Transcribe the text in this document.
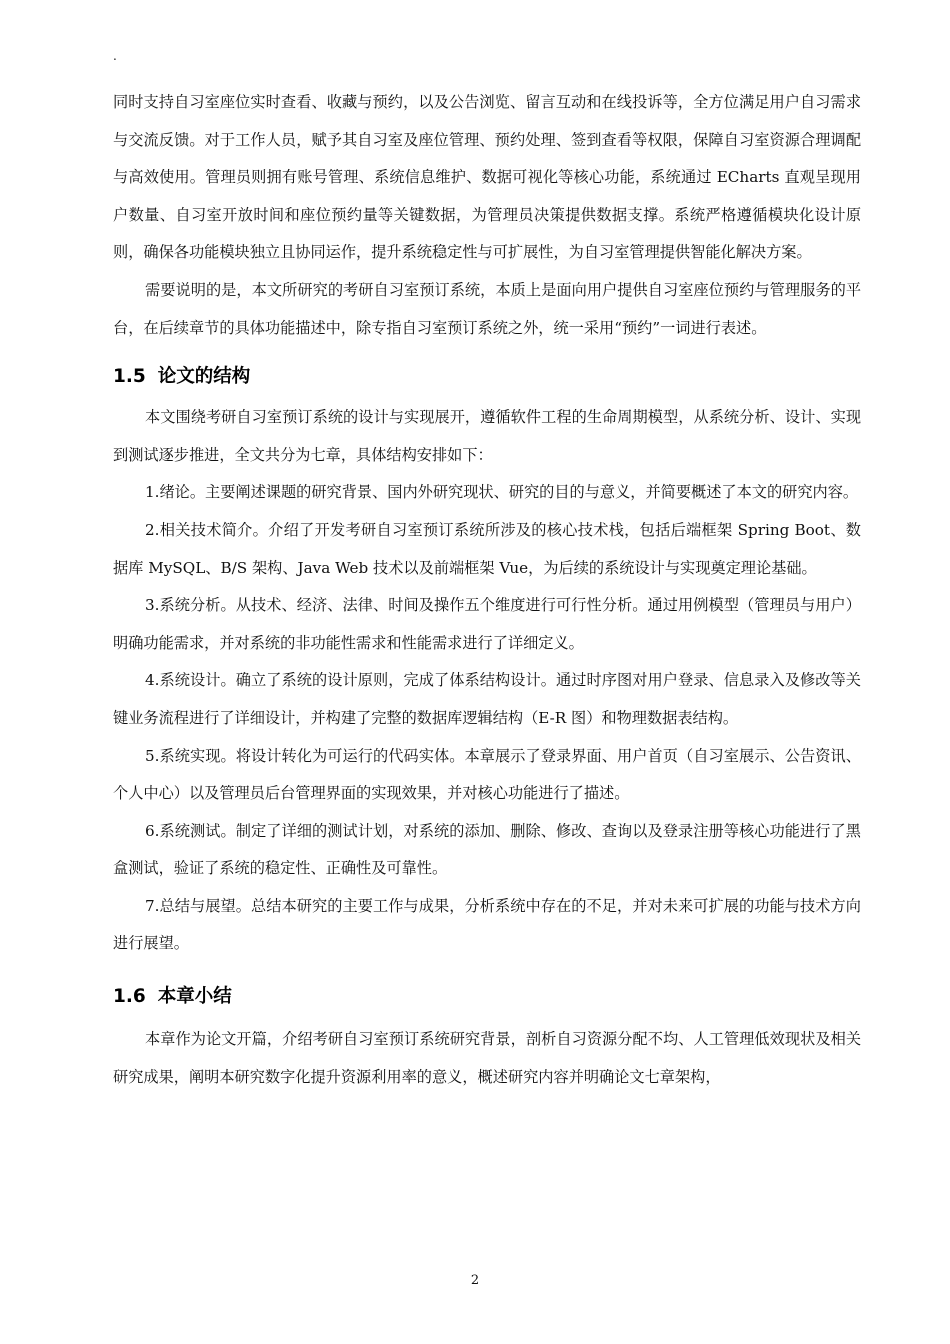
.

同时支持自习室座位实时查看、收藏与预约，以及公告浏览、留言互动和在线投诉等，全方位满足用户自习需求与交流反馈。对于工作人员，赋予其自习室及座位管理、预约处理、签到查看等权限，保障自习室资源合理调配与高效使用。管理员则拥有账号管理、系统信息维护、数据可视化等核心功能，系统通过 ECharts 直观呈现用户数量、自习室开放时间和座位预约量等关键数据，为管理员决策提供数据支撑。系统严格遵循模块化设计原则，确保各功能模块独立且协同运作，提升系统稳定性与可扩展性，为自习室管理提供智能化解决方案。

需要说明的是，本文所研究的考研自习室预订系统，本质上是面向用户提供自习室座位预约与管理服务的平台，在后续章节的具体功能描述中，除专指自习室预订系统之外，统一采用“预约”一词进行表述。

1.5 论文的结构

本文围绕考研自习室预订系统的设计与实现展开，遵循软件工程的生命周期模型，从系统分析、设计、实现到测试逐步推进，全文共分为七章，具体结构安排如下：

1.绪论。主要阐述课题的研究背景、国内外研究现状、研究的目的与意义，并简要概述了本文的研究内容。

2.相关技术简介。介绍了开发考研自习室预订系统所涉及的核心技术栈，包括后端框架 Spring Boot、数据库 MySQL、B/S 架构、Java Web 技术以及前端框架 Vue，为后续的系统设计与实现奠定理论基础。

3.系统分析。从技术、经济、法律、时间及操作五个维度进行可行性分析。通过用例模型（管理员与用户）明确功能需求，并对系统的非功能性需求和性能需求进行了详细定义。

4.系统设计。确立了系统的设计原则，完成了体系结构设计。通过时序图对用户登录、信息录入及修改等关键业务流程进行了详细设计，并构建了完整的数据库逻辑结构（E-R 图）和物理数据表结构。

5.系统实现。将设计转化为可运行的代码实体。本章展示了登录界面、用户首页（自习室展示、公告资讯、个人中心）以及管理员后台管理界面的实现效果，并对核心功能进行了描述。

6.系统测试。制定了详细的测试计划，对系统的添加、删除、修改、查询以及登录注册等核心功能进行了黑盒测试，验证了系统的稳定性、正确性及可靠性。

7.总结与展望。总结本研究的主要工作与成果，分析系统中存在的不足，并对未来可扩展的功能与技术方向进行展望。

1.6 本章小结

本章作为论文开篇，介绍考研自习室预订系统研究背景，剖析自习资源分配不均、人工管理低效现状及相关研究成果，阐明本研究数字化提升资源利用率的意义，概述研究内容并明确论文七章架构，

2
